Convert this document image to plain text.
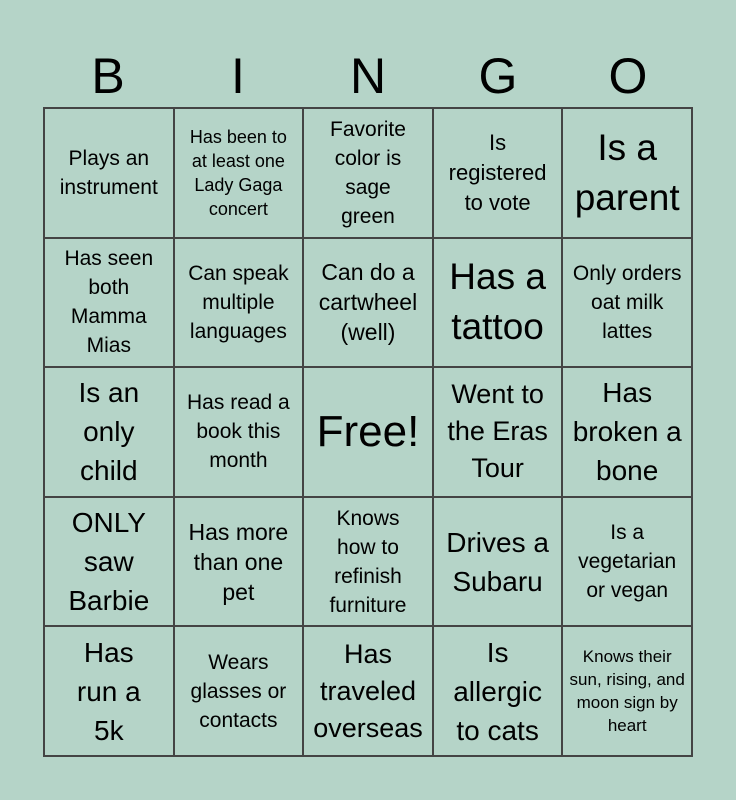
B	I	N	G	O
Plays an instrument
Has been to at least one Lady Gaga concert
Favorite color is sage green
Is registered to vote
Is a parent
Has seen both Mamma Mias
Can speak multiple languages
Can do a cartwheel (well)
Has a tattoo
Only orders oat milk lattes
Is an only child
Has read a book this month
Free!
Went to the Eras Tour
Has broken a bone
ONLY saw Barbie
Has more than one pet
Knows how to refinish furniture
Drives a Subaru
Is a vegetarian or vegan
Has run a 5k
Wears glasses or contacts
Has traveled overseas
Is allergic to cats
Knows their sun, rising, and moon sign by heart
